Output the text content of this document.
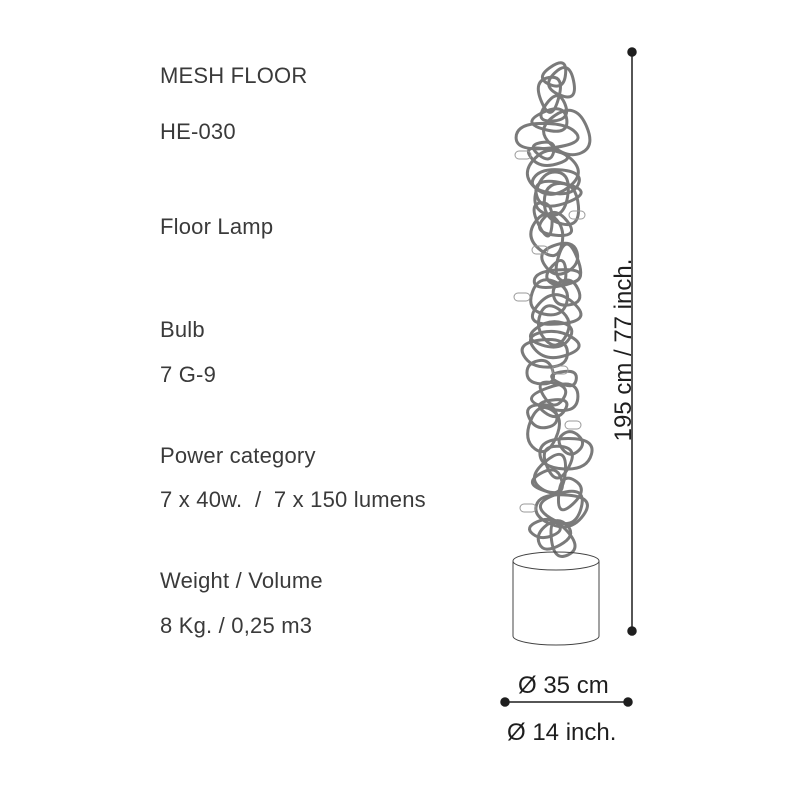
MESH FLOOR
HE-030
Floor Lamp
Bulb
7 G-9
Power category
7 x 40w.  /  7 x 150 lumens
Weight / Volume
8 Kg. / 0,25 m3
195 cm / 77 inch.
Ø 35 cm
Ø 14 inch.
